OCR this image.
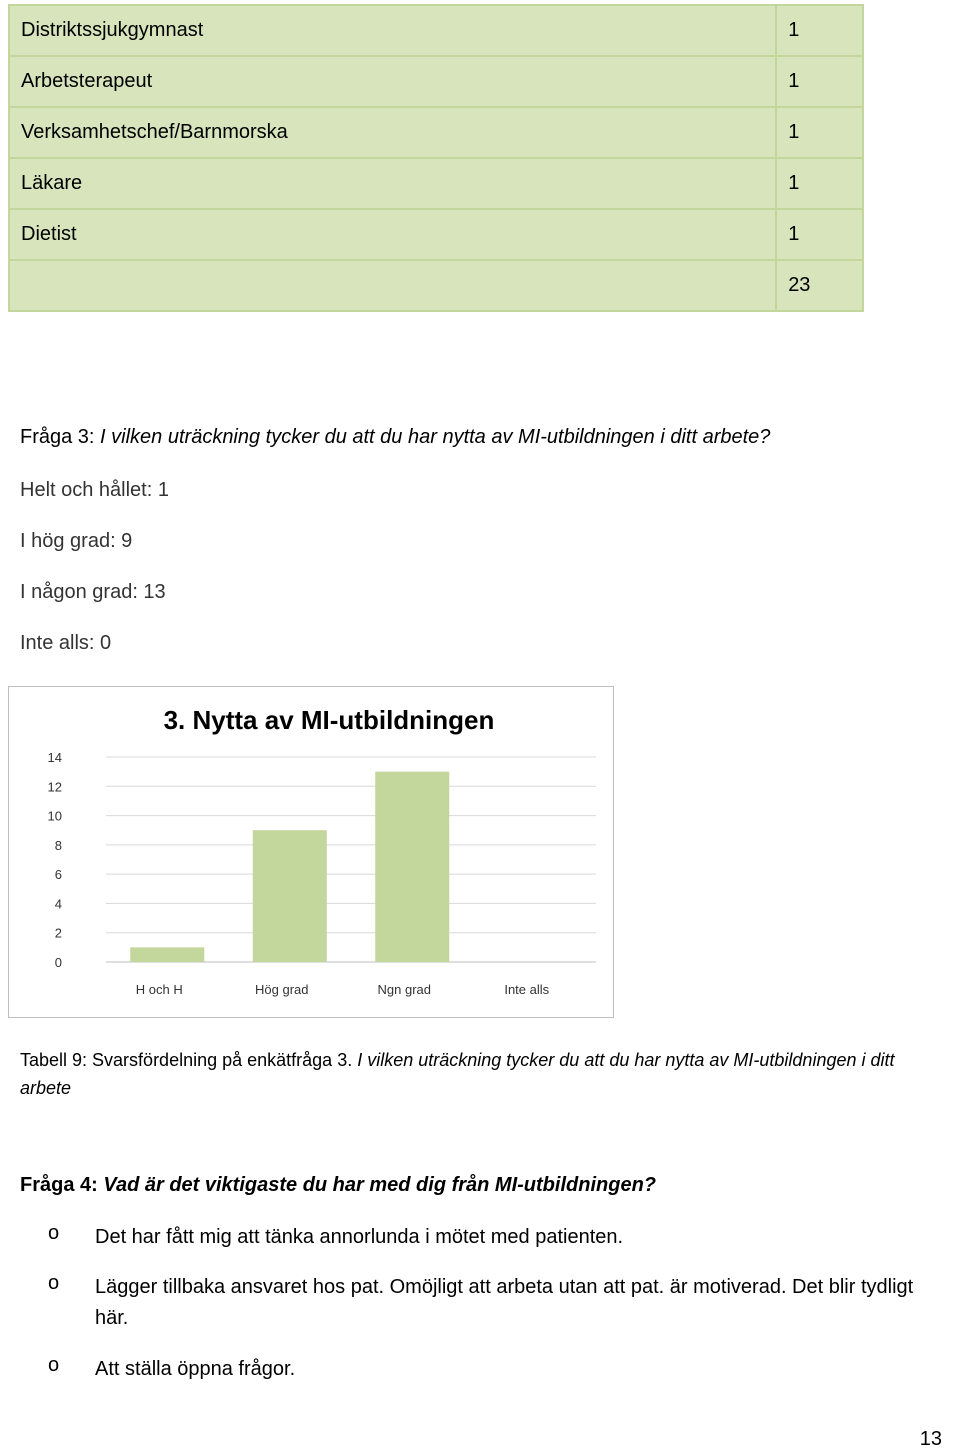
Distriktssjukgymnast	1
Arbetsterapeut	1
Verksamhetschef/Barnmorska	1
Läkare	1
Dietist	1
	23
Fråga 3: I vilken uträckning tycker du att du har nytta av MI-utbildningen i ditt arbete?
Helt och hållet: 1
I hög grad: 9
I någon grad: 13
Inte alls: 0
3. Nytta av MI-utbildningen
0
2
4
6
8
10
12
14
H och H	Hög grad	Ngn grad	Inte alls
Tabell 9: Svarsfördelning på enkätfråga 3. I vilken uträckning tycker du att du har nytta av MI-utbildningen i ditt arbete
Fråga 4: Vad är det viktigaste du har med dig från MI-utbildningen?
o Det har fått mig att tänka annorlunda i mötet med patienten.
o Lägger tillbaka ansvaret hos pat. Omöjligt att arbeta utan att pat. är motiverad. Det blir tydligt här.
o Att ställa öppna frågor.
13
